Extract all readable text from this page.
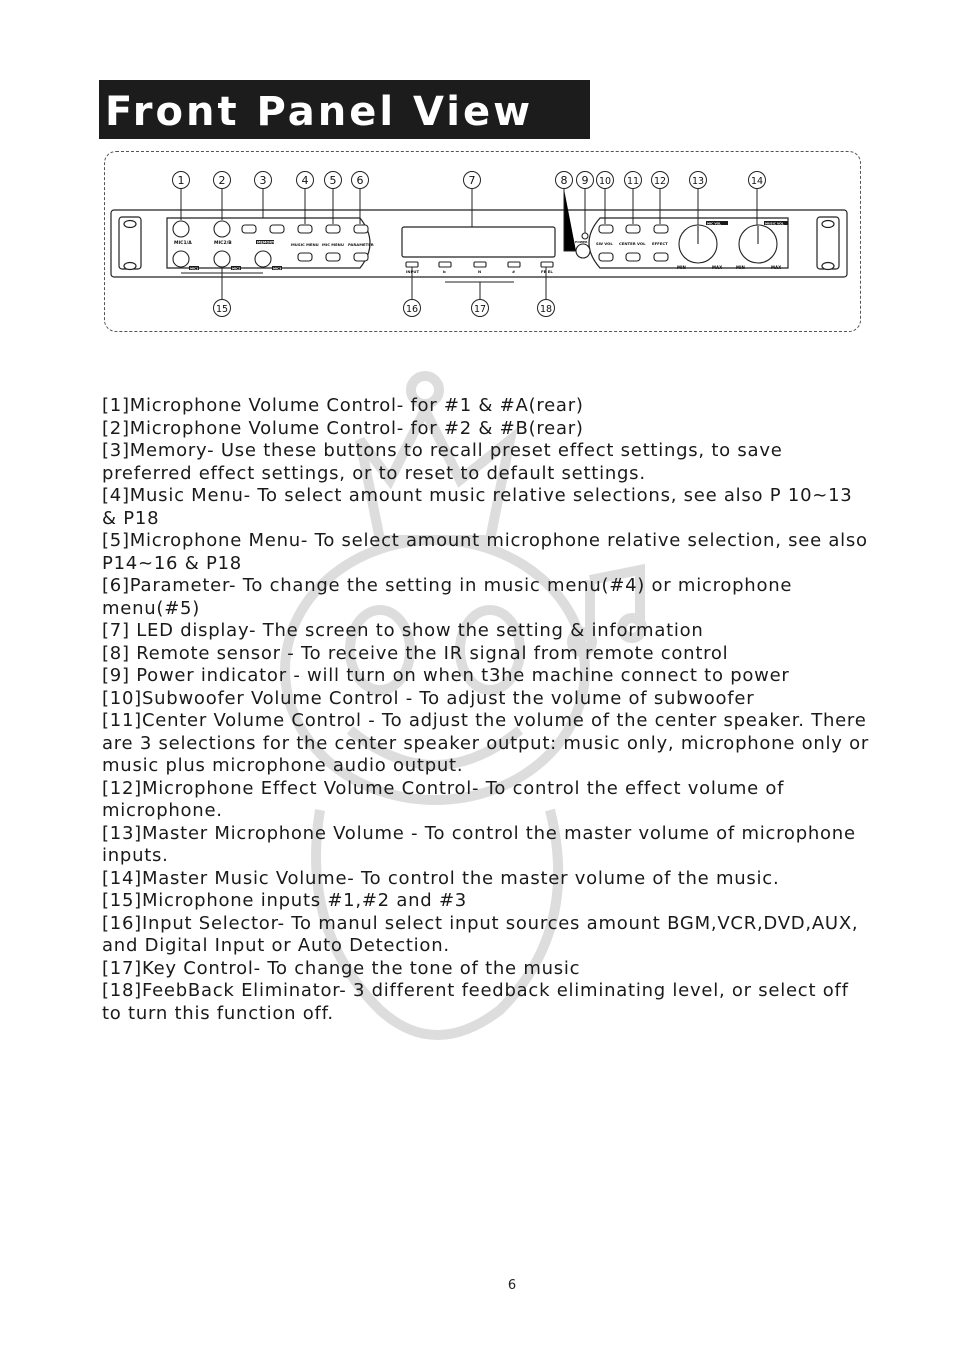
Front Panel View
MIC1/A	MIC2/B	MEMORY	MUSIC MENU MIC MENU PARAMETER
MIC1	MIC2	MIC3
INPUT	b	N	#	FB EL
POWER SW VOL CENTER VOL EFFECT
MIC VOL	MUSIC VOL
MIN	MAX	MIN	MAX
1	2	3	4 5 6	7	8 9 10 11 12	13	14
15	16	17	18
[1]Microphone Volume Control- for #1 & #A(rear)
[2]Microphone Volume Control- for #2 & #B(rear)
[3]Memory- Use these buttons to recall preset effect settings, to save preferred effect settings, or to reset to default settings.
[4]Music Menu- To select amount music relative selections, see also P 10~13 & P18
[5]Microphone Menu- To select amount microphone relative selection, see also P14~16 & P18
[6]Parameter- To change the setting in music menu(#4) or microphone menu(#5)
[7] LED display- The screen to show the setting & information
[8] Remote sensor - To receive the IR signal from remote control
[9] Power indicator - will turn on when t3he machine connect to power
[10]Subwoofer Volume Control - To adjust the volume of subwoofer
[11]Center Volume Control - To adjust the volume of the center speaker. There are 3 selections for the center speaker output: music only, microphone only or music plus microphone audio output.
[12]Microphone Effect Volume Control- To control the effect volume of microphone.
[13]Master Microphone Volume - To control the master volume of microphone inputs.
[14]Master Music Volume- To control the master volume of the music.
[15]Microphone inputs #1,#2 and #3
[16]Input Selector- To manul select input sources amount BGM,VCR,DVD,AUX, and Digital Input or Auto Detection.
[17]Key Control- To change the tone of the music
[18]FeebBack Eliminator- 3 different feedback eliminating level, or select off to turn this function off.
6
